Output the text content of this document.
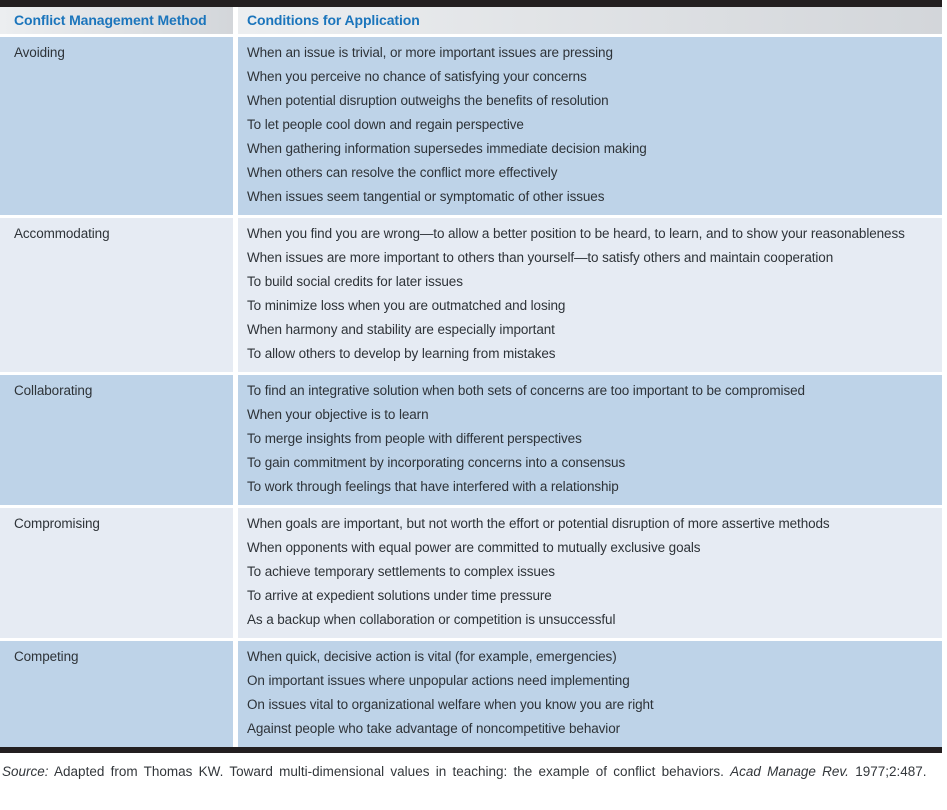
Conflict Management Method	Conditions for Application
Avoiding	When an issue is trivial, or more important issues are pressing
When you perceive no chance of satisfying your concerns
When potential disruption outweighs the benefits of resolution
To let people cool down and regain perspective
When gathering information supersedes immediate decision making
When others can resolve the conflict more effectively
When issues seem tangential or symptomatic of other issues
Accommodating	When you find you are wrong—to allow a better position to be heard, to learn, and to show your reasonableness
When issues are more important to others than yourself—to satisfy others and maintain cooperation
To build social credits for later issues
To minimize loss when you are outmatched and losing
When harmony and stability are especially important
To allow others to develop by learning from mistakes
Collaborating	To find an integrative solution when both sets of concerns are too important to be compromised
When your objective is to learn
To merge insights from people with different perspectives
To gain commitment by incorporating concerns into a consensus
To work through feelings that have interfered with a relationship
Compromising	When goals are important, but not worth the effort or potential disruption of more assertive methods
When opponents with equal power are committed to mutually exclusive goals
To achieve temporary settlements to complex issues
To arrive at expedient solutions under time pressure
As a backup when collaboration or competition is unsuccessful
Competing	When quick, decisive action is vital (for example, emergencies)
On important issues where unpopular actions need implementing
On issues vital to organizational welfare when you know you are right
Against people who take advantage of noncompetitive behavior

Source: Adapted from Thomas KW. Toward multi-dimensional values in teaching: the example of conflict behaviors. Acad Manage Rev. 1977;2:487.
